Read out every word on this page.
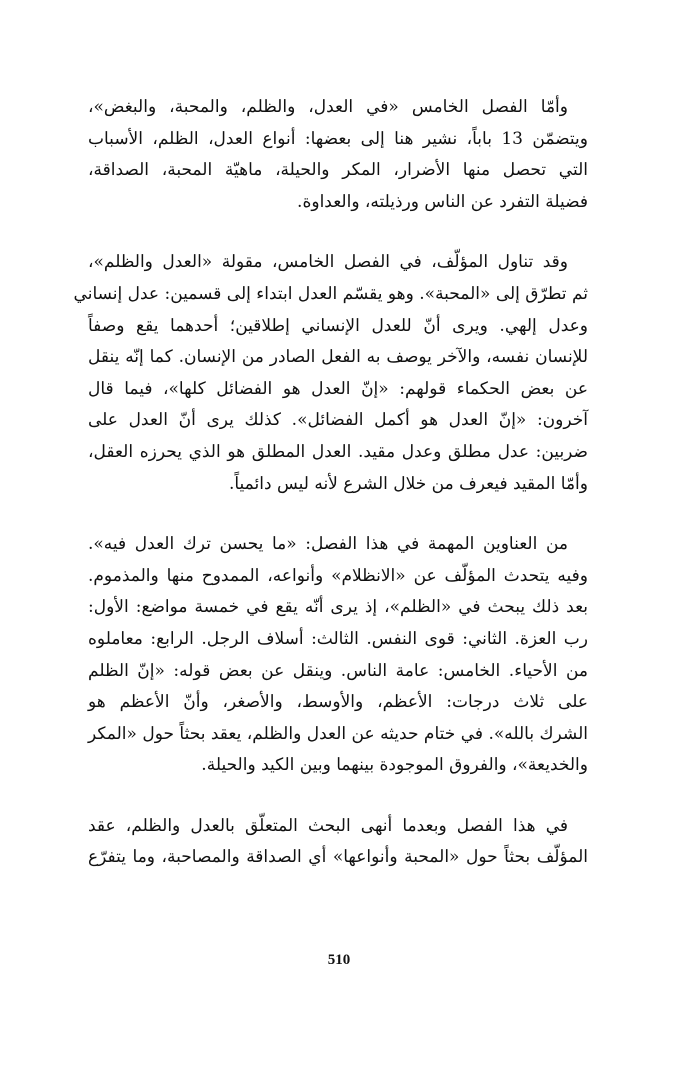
وأمّا الفصل الخامس «في العدل، والظلم، والمحبة، والبغض»،
ويتضمّن 13 باباً، نشير هنا إلى بعضها: أنواع العدل، الظلم، الأسباب
التي تحصل منها الأضرار، المكر والحيلة، ماهيّة المحبة، الصداقة،
فضيلة التفرد عن الناس ورذيلته، والعداوة.
وقد تناول المؤلّف، في الفصل الخامس، مقولة «العدل والظلم»،
ثم تطرّق إلى «المحبة». وهو يقسّم العدل ابتداء إلى قسمين: عدل إنساني
وعدل إلهي. ويرى أنّ للعدل الإنساني إطلاقين؛ أحدهما يقع وصفاً
للإنسان نفسه، والآخر يوصف به الفعل الصادر من الإنسان. كما إنّه ينقل
عن بعض الحكماء قولهم: «إنّ العدل هو الفضائل كلها»، فيما قال
آخرون: «إنّ العدل هو أكمل الفضائل». كذلك يرى أنّ العدل على
ضربين: عدل مطلق وعدل مقيد. العدل المطلق هو الذي يحرزه العقل،
وأمّا المقيد فيعرف من خلال الشرع لأنه ليس دائمياً.
من العناوين المهمة في هذا الفصل: «ما يحسن ترك العدل فيه».
وفيه يتحدث المؤلّف عن «الانظلام» وأنواعه، الممدوح منها والمذموم.
بعد ذلك يبحث في «الظلم»، إذ يرى أنّه يقع في خمسة مواضع: الأول:
رب العزة. الثاني: قوى النفس. الثالث: أسلاف الرجل. الرابع: معاملوه
من الأحياء. الخامس: عامة الناس. وينقل عن بعض قوله: «إنّ الظلم
على ثلاث درجات: الأعظم، والأوسط، والأصغر، وأنّ الأعظم هو
الشرك بالله». في ختام حديثه عن العدل والظلم، يعقد بحثاً حول «المكر
والخديعة»، والفروق الموجودة بينهما وبين الكيد والحيلة.
في هذا الفصل وبعدما أنهى البحث المتعلّق بالعدل والظلم، عقد
المؤلّف بحثاً حول «المحبة وأنواعها» أي الصداقة والمصاحبة، وما يتفرّع
510
